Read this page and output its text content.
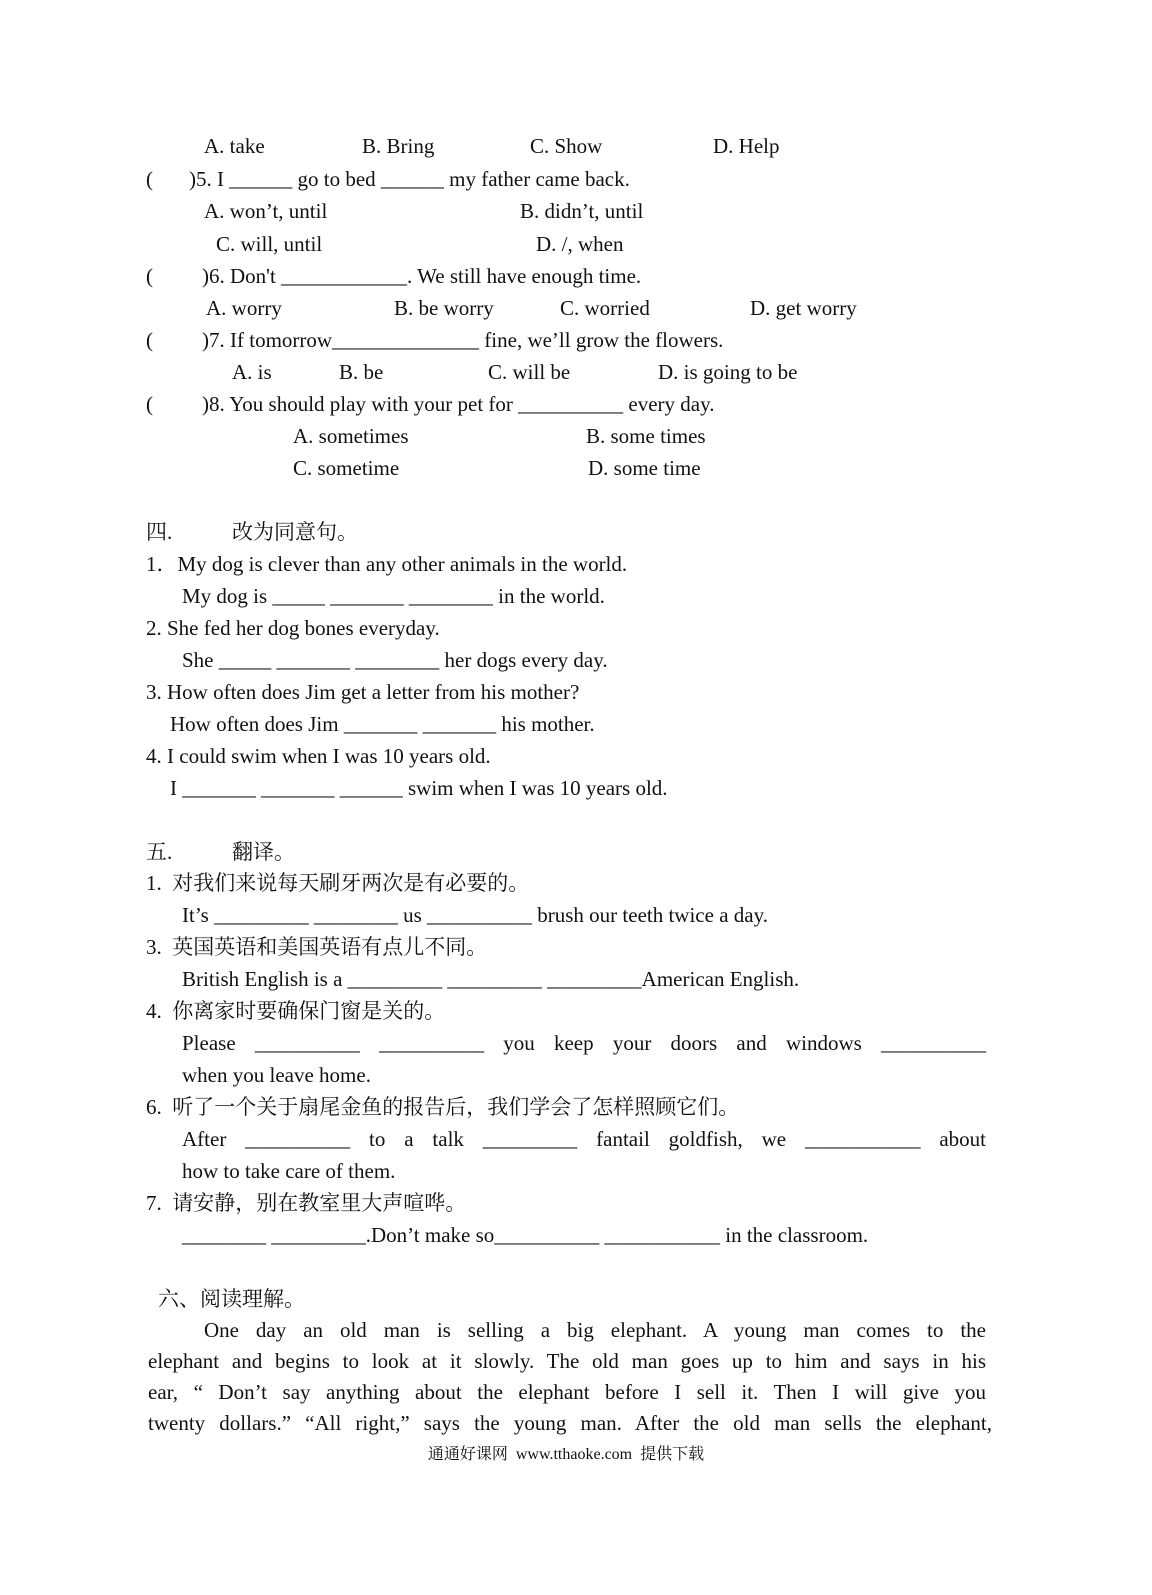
A. take	B. Bring	C. Show	D. Help
( )5. I ______ go to bed ______ my father came back.
A. won’t, until	B. didn’t, until
C. will, until	D. /, when
( )6. Don't ____________. We still have enough time.
A. worry	B. be worry	C. worried	D. get worry
( )7. If tomorrow______________ fine, we’ll grow the flowers.
A. is	B. be	C. will be	D. is going to be
( )8. You should play with your pet for __________ every day.
A. sometimes	B. some times
C. sometime	D. some time
四.	改为同意句。
1．My dog is clever than any other animals in the world.
My dog is _____ _______ ________ in the world.
2. She fed her dog bones everyday.
She _____ _______ ________ her dogs every day.
3. How often does Jim get a letter from his mother?
How often does Jim _______ _______ his mother.
4. I could swim when I was 10 years old.
I _______ _______ ______ swim when I was 10 years old.
五.	翻译。
1.  对我们来说每天刷牙两次是有必要的。
It’s _________ ________ us __________ brush our teeth twice a day.
3.  英国英语和美国英语有点儿不同。
British English is a _________ _________ _________American English.
4.  你离家时要确保门窗是关的。
Please __________ __________ you keep your doors and windows __________
when you leave home.
6.  听了一个关于扇尾金鱼的报告后，我们学会了怎样照顾它们。
After __________ to a talk _________ fantail goldfish, we ___________ about
how to take care of them.
7.  请安静，别在教室里大声喧哗。
________ _________.Don’t make so__________ ___________ in the classroom.
六、阅读理解。
One day an old man is selling a big elephant. A young man comes to the
elephant and begins to look at it slowly. The old man goes up to him and says in his
ear, “ Don’t say anything about the elephant before I sell it. Then I will give you
twenty dollars.” “All right,” says the young man. After the old man sells the elephant,
通通好课网  www.tthaoke.com  提供下载
